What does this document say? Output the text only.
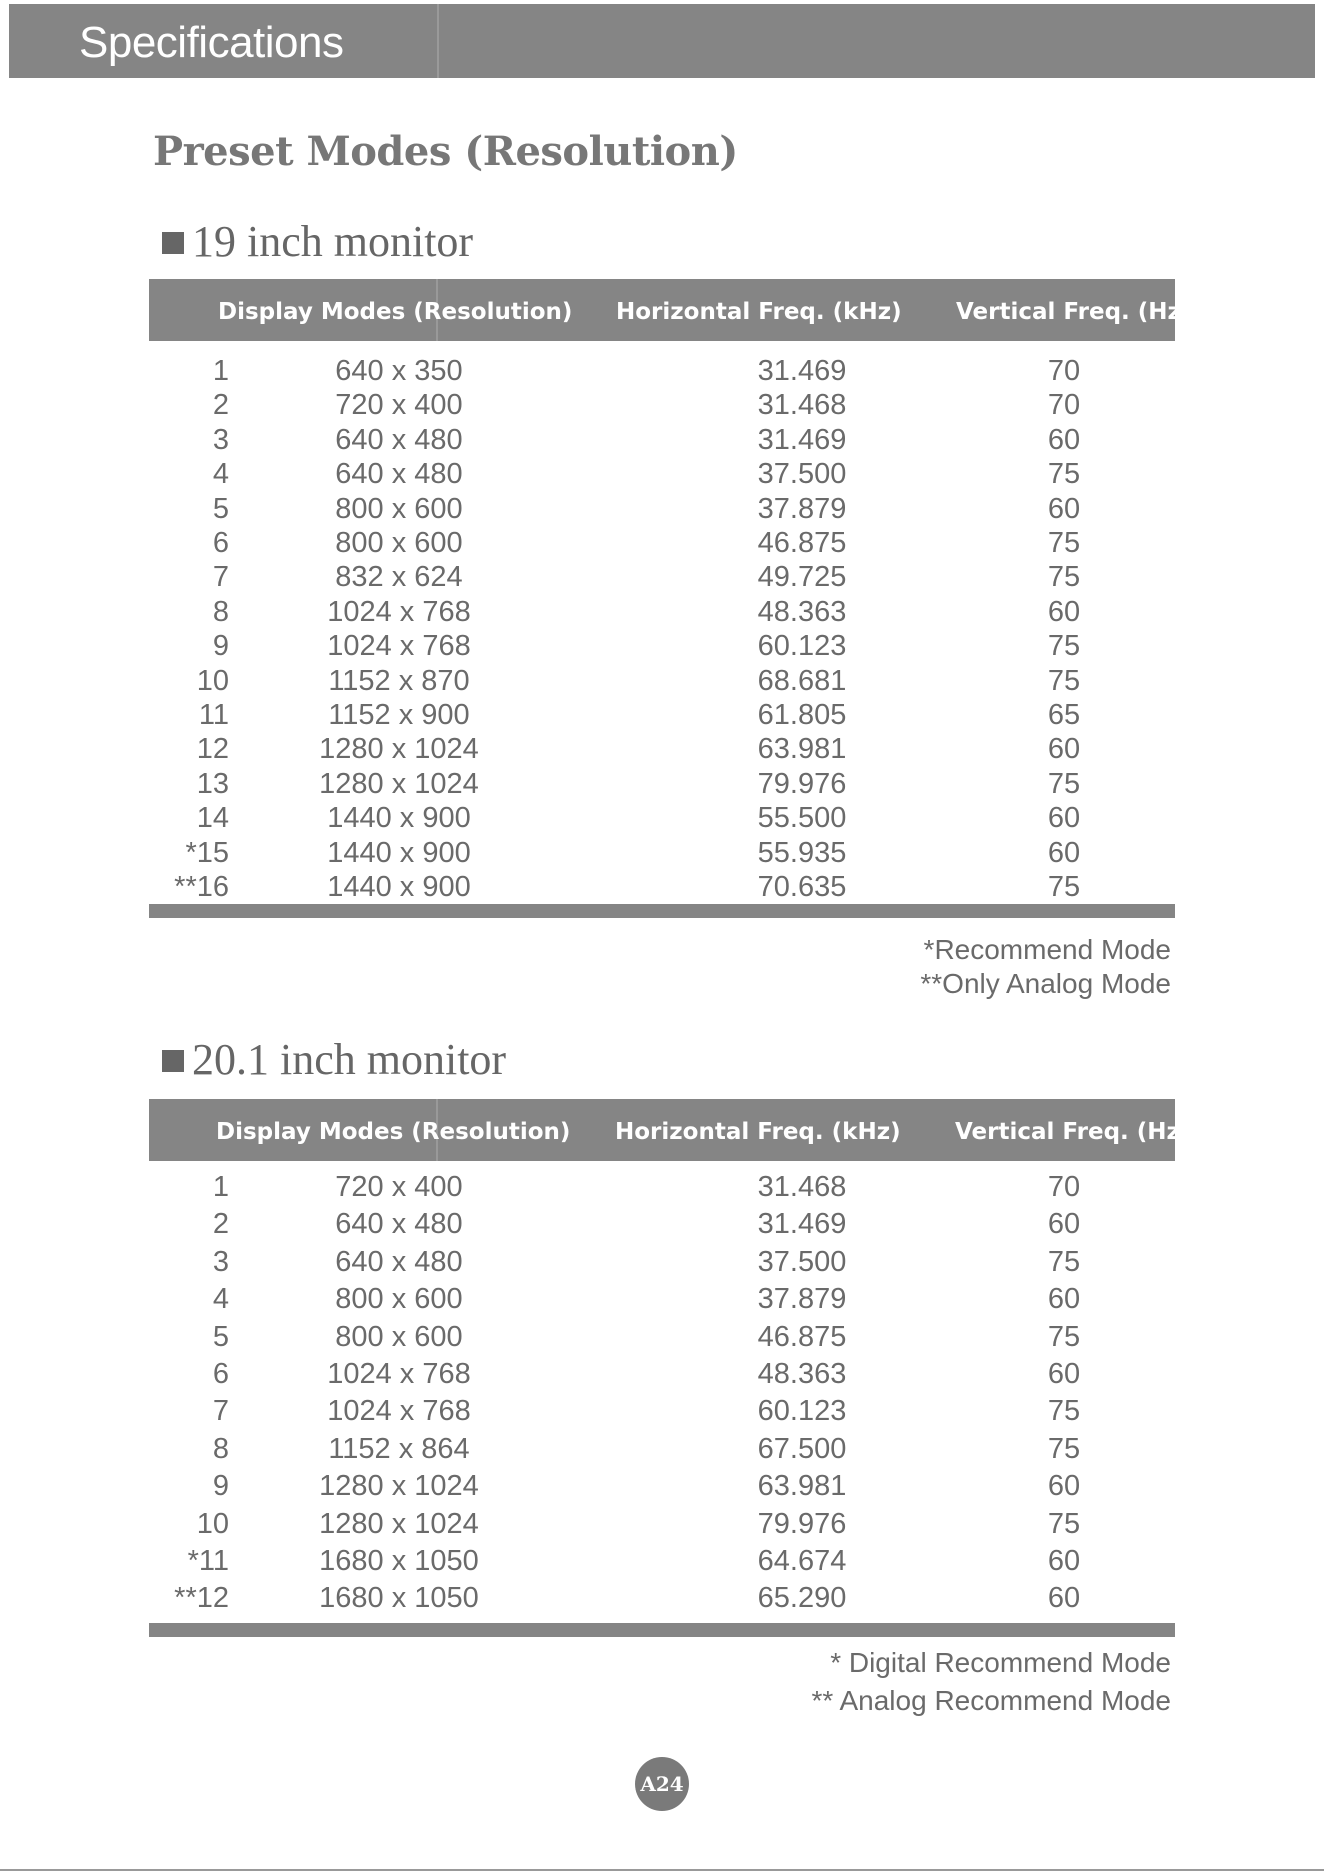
Specifications
Preset Modes (Resolution)
19 inch monitor
Display Modes (Resolution) Horizontal Freq. (kHz) Vertical Freq. (Hz)
1	640 x 350	31.469	70
2	720 x 400	31.468	70
3	640 x 480	31.469	60
4	640 x 480	37.500	75
5	800 x 600	37.879	60
6	800 x 600	46.875	75
7	832 x 624	49.725	75
8	1024 x 768	48.363	60
9	1024 x 768	60.123	75
10	1152 x 870	68.681	75
11	1152 x 900	61.805	65
12	1280 x 1024	63.981	60
13	1280 x 1024	79.976	75
14	1440 x 900	55.500	60
*15	1440 x 900	55.935	60
**16	1440 x 900	70.635	75
*Recommend Mode
**Only Analog Mode
20.1 inch monitor
Display Modes (Resolution) Horizontal Freq. (kHz) Vertical Freq. (Hz)
1	720 x 400	31.468	70
2	640 x 480	31.469	60
3	640 x 480	37.500	75
4	800 x 600	37.879	60
5	800 x 600	46.875	75
6	1024 x 768	48.363	60
7	1024 x 768	60.123	75
8	1152 x 864	67.500	75
9	1280 x 1024	63.981	60
10	1280 x 1024	79.976	75
*11	1680 x 1050	64.674	60
**12	1680 x 1050	65.290	60
* Digital Recommend Mode
** Analog Recommend Mode
A24
